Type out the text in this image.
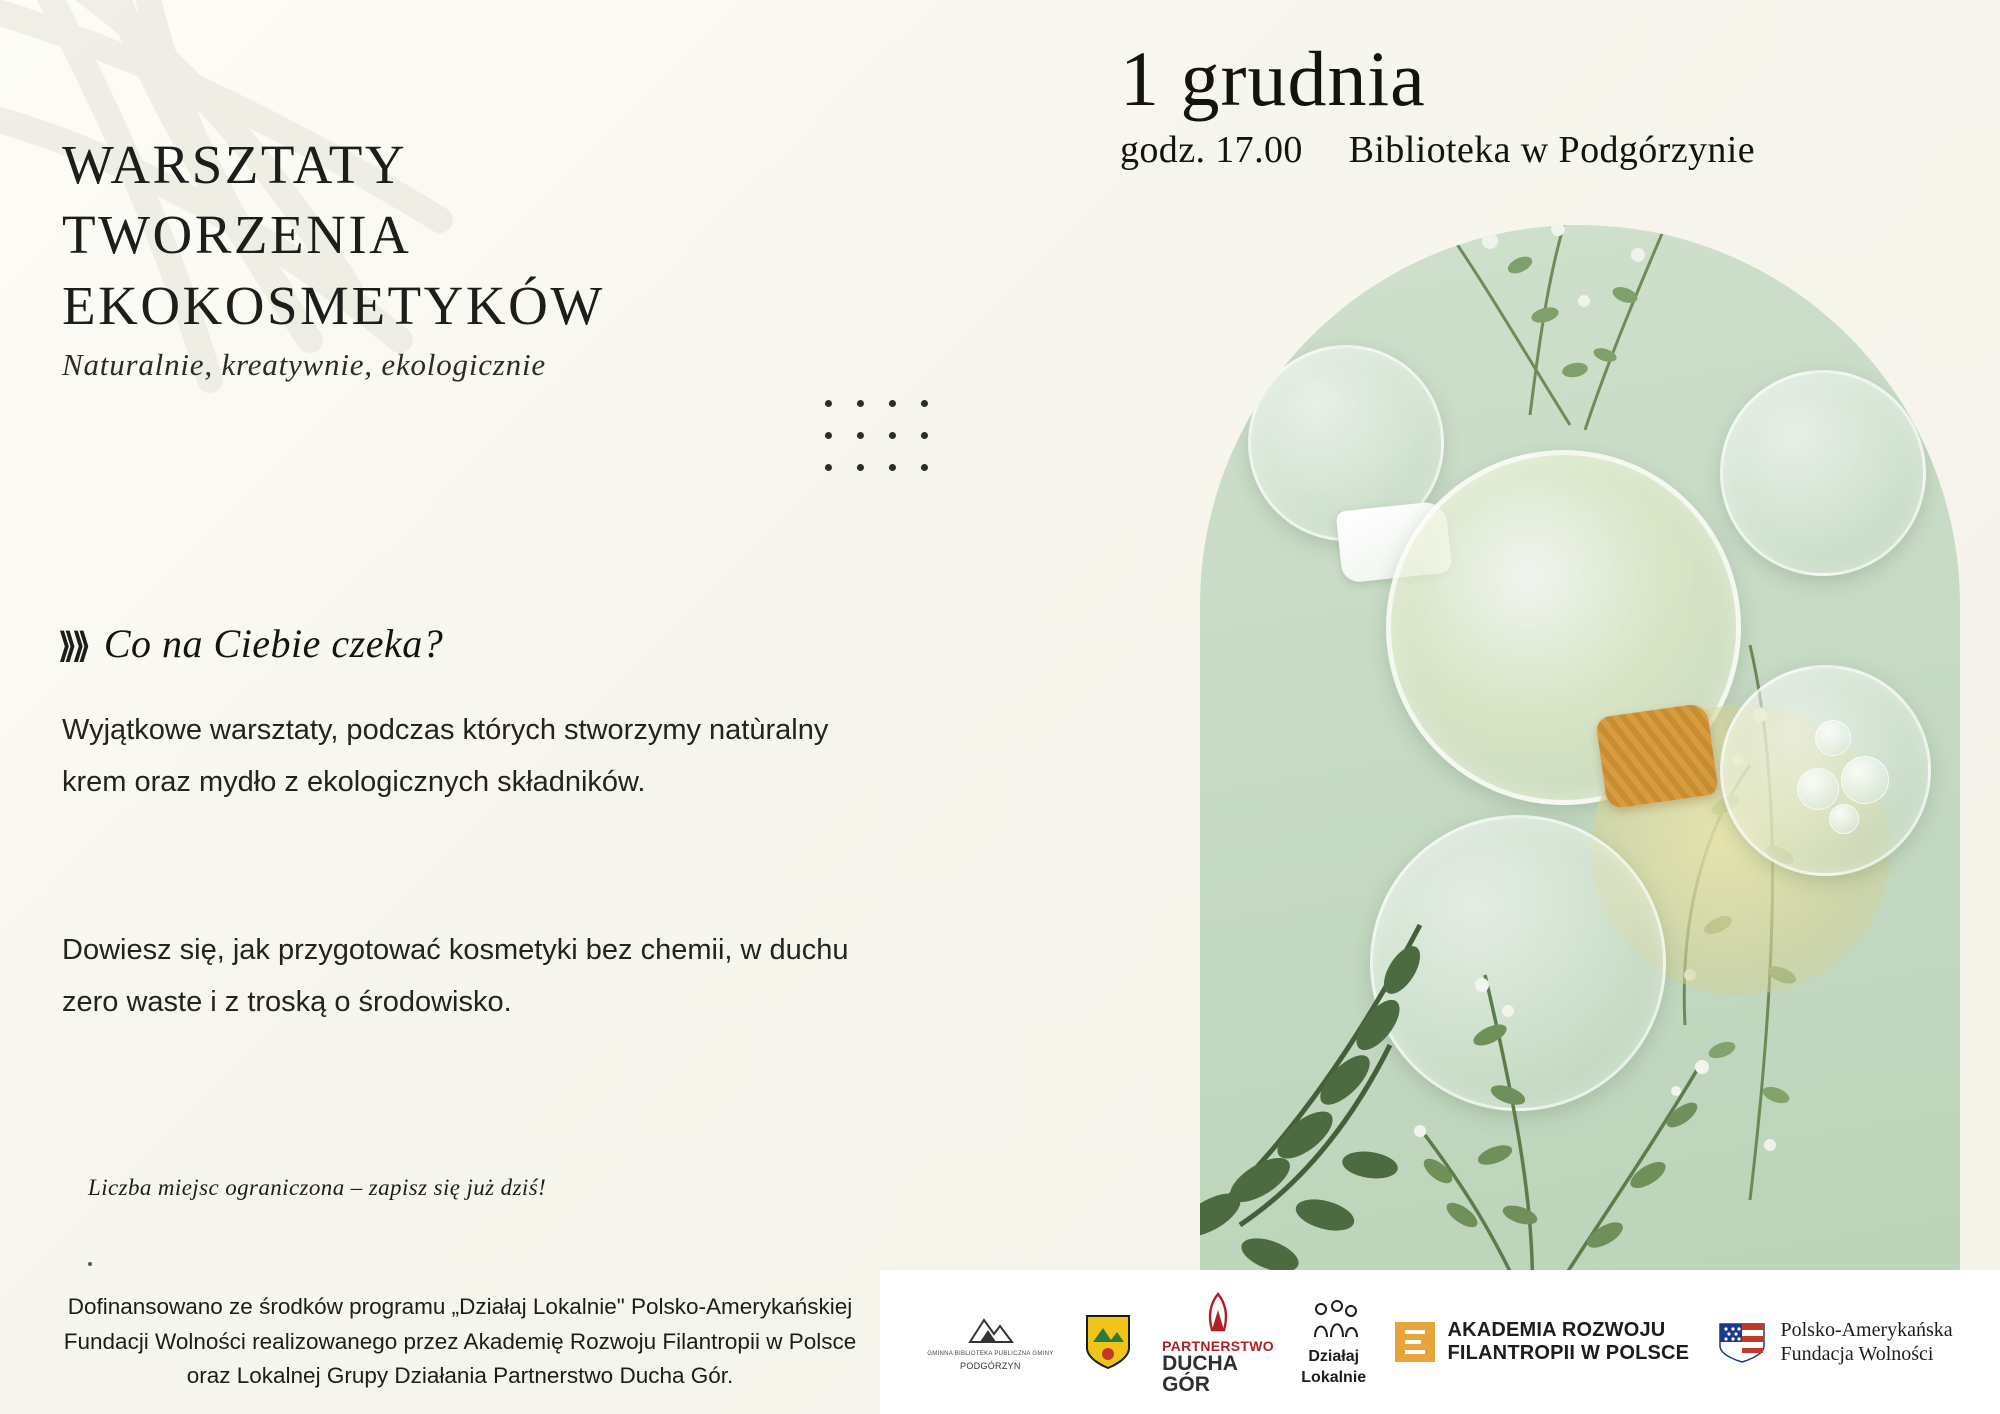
WARSZTATY
TWORZENIA
EKOKOSMETYKÓW
Naturalnie, kreatywnie, ekologicznie
⟫⟫ Co na Ciebie czeka?
Wyjątkowe warsztaty, podczas których stworzymy natùralny krem oraz mydło z ekologicznych składników.
Dowiesz się, jak przygotować kosmetyki bez chemii, w duchu zero waste i z troską o środowisko.
Liczba miejsc ograniczona – zapisz się już dziś!
1 grudnia
godz. 17.00 Biblioteka w Podgórzynie
Dofinansowano ze środków programu „Działaj Lokalnie" Polsko-Amerykańskiej Fundacji Wolności realizowanego przez Akademię Rozwoju Filantropii w Polsce oraz Lokalnej Grupy Działania Partnerstwo Ducha Gór.
GMINNA BIBLIOTEKA PUBLICZNA GMINY
PODGÓRZYN
PARTNERSTWO
DUCHA
GÓR
Działaj
Lokalnie
AKADEMIA ROZWOJU
FILANTROPII W POLSCE
Polsko-Amerykańska
Fundacja Wolności
